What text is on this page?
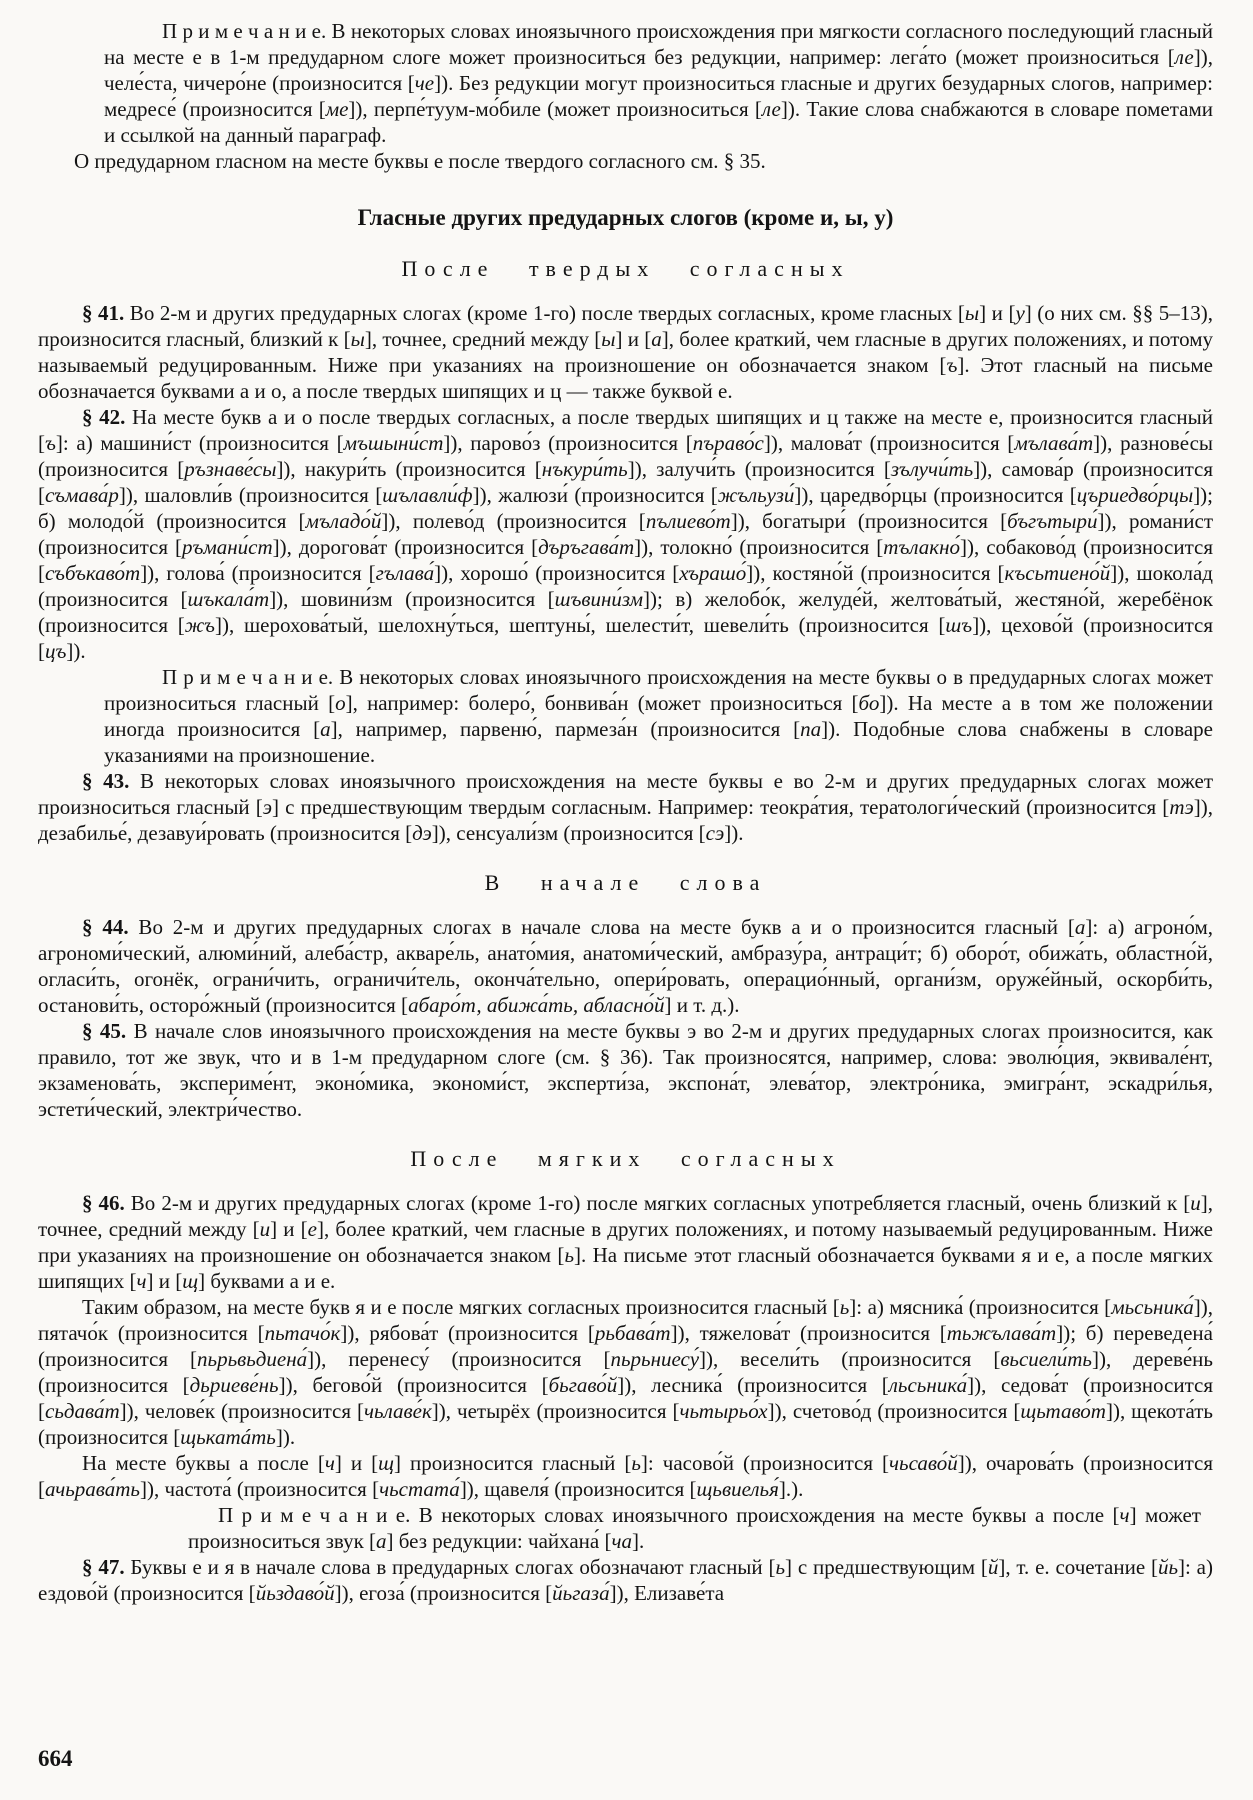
П р и м е ч а н и е. В некоторых словах иноязычного происхождения при мягкости согласного последующий гласный на месте е в 1-м предударном слоге может произноситься без редукции, например: лега́то (может произноситься [ле]), челе́ста, чичеро́не (произносится [че]). Без редукции могут произноситься гласные и других безударных слогов, например: медресе́ (произносится [ме]), перпе́туум-мо́биле (может произноситься [ле]). Такие слова снабжаются в словаре пометами и ссылкой на данный параграф.

О предударном гласном на месте буквы е после твердого согласного см. § 35.

Гласные других предударных слогов (кроме и, ы, у)
После твердых согласных

§ 41. Во 2-м и других предударных слогах (кроме 1-го) после твердых согласных, кроме гласных [ы] и [у] (о них см. §§ 5–13), произносится гласный, близкий к [ы], точнее, средний между [ы] и [а], более краткий, чем гласные в других положениях, и потому называемый редуцированным. Ниже при указаниях на произношение он обозначается знаком [ъ]. Этот гласный на письме обозначается буквами а и о, а после твердых шипящих и ц — также буквой е.

§ 42. На месте букв а и о после твердых согласных, а после твердых шипящих и ц также на месте е, произносится гласный [ъ]: а) машини́ст (произносится [мъшыни́ст]), парово́з (произносится [пъраво́с]), малова́т (произносится [мълава́т]), разнове́сы (произносится [ръзнаве́сы]), накури́ть (произносится [нъкури́ть]), залучи́ть (произносится [зълучи́ть]), самова́р (произносится [съмава́р]), шаловли́в (произносится [шълавли́ф]), жалюзи́ (произносится [жъльузи́]), царедво́рцы (произносится [църиедво́рцы]); б) молодо́й (произносится [мъладо́й]), полево́д (произносится [пълиево́т]), богатыри́ (произносится [бъгътыри́]), романи́ст (произносится [ръмани́ст]), дорогова́т (произносится [дъръгава́т]), толокно́ (произносится [тълакно́]), собаково́д (произносится [събъкаво́т]), голова́ (произносится [гълава́]), хорошо́ (произносится [хърашо́]), костяно́й (произносится [късьтиено́й]), шокола́д (произносится [шъкала́т]), шовини́зм (произносится [шъвини́зм]); в) желобо́к, желуде́й, желтова́тый, жестяно́й, жеребёнок (произносится [жъ]), шерохова́тый, шелохну́ться, шептуны́, шелести́т, шевели́ть (произносится [шъ]), цехово́й (произносится [цъ]).

П р и м е ч а н и е. В некоторых словах иноязычного происхождения на месте буквы о в предударных слогах может произноситься гласный [о], например: болеро́, бонвива́н (может произноситься [бо]). На месте а в том же положении иногда произносится [а], например, парвеню́, пармеза́н (произносится [па]). Подобные слова снабжены в словаре указаниями на произношение.

§ 43. В некоторых словах иноязычного происхождения на месте буквы е во 2-м и других предударных слогах может произноситься гласный [э] с предшествующим твердым согласным. Например: теокра́тия, тератологи́ческий (произносится [тэ]), дезабилье́, дезавуи́ровать (произносится [дэ]), сенсуали́зм (произносится [сэ]).

В начале слова

§ 44. Во 2-м и других предударных слогах в начале слова на месте букв а и о произносится гласный [а]: а) агроно́м, агрономи́ческий, алюми́ний, алеба́стр, акваре́ль, анато́мия, анатоми́ческий, амбразу́ра, антраци́т; б) оборо́т, обижа́ть, областно́й, огласи́ть, огонёк, ограни́чить, ограничи́тель, оконча́тельно, опери́ровать, операцио́нный, органи́зм, оруже́йный, оскорби́ть, останови́ть, осторо́жный (произносится [абаро́т, абижа́ть, абласно́й] и т. д.).

§ 45. В начале слов иноязычного происхождения на месте буквы э во 2-м и других предударных слогах произносится, как правило, тот же звук, что и в 1-м предударном слоге (см. § 36). Так произносятся, например, слова: эволю́ция, эквивале́нт, экзаменова́ть, экспериме́нт, эконо́мика, экономи́ст, эксперти́за, экспона́т, элева́тор, электро́ника, эмигра́нт, эскадри́лья, эстети́ческий, электри́чество.

После мягких согласных

§ 46. Во 2-м и других предударных слогах (кроме 1-го) после мягких согласных употребляется гласный, очень близкий к [и], точнее, средний между [и] и [е], более краткий, чем гласные в других положениях, и потому называемый редуцированным. Ниже при указаниях на произношение он обозначается знаком [ь]. На письме этот гласный обозначается буквами я и е, а после мягких шипящих [ч] и [щ] буквами а и е.

Таким образом, на месте букв я и е после мягких согласных произносится гласный [ь]: а) мясника́ (произносится [мьсьника́]), пятачо́к (произносится [пьтачо́к]), рябова́т (произносится [рьбава́т]), тяжелова́т (произносится [тьжълава́т]); б) переведена́ (произносится [пьрьвьдиена́]), перенесу́ (произносится [пьрьниесу́]), весели́ть (произносится [вьсиели́ть]), дереве́нь (произносится [дьриеве́нь]), бегово́й (произносится [бьгаво́й]), лесника́ (произносится [льсьника́]), седова́т (произносится [сьдава́т]), челове́к (произносится [чьлаве́к]), четырёх (произносится [чьтырьо́х]), счетово́д (произносится [щьтаво́т]), щекота́ть (произносится [щькатáть]).

На месте буквы а после [ч] и [щ] произносится гласный [ь]: часово́й (произносится [чьсаво́й]), очарова́ть (произносится [ачьрава́ть]), частота́ (произносится [чьстата́]), щавеля́ (произносится [щьвиелья́].).

П р и м е ч а н и е. В некоторых словах иноязычного происхождения на месте буквы а после [ч] может произноситься звук [а] без редукции: чайхана́ [ча].

§ 47. Буквы е и я в начале слова в предударных слогах обозначают гласный [ь] с предшествующим [й], т. е. сочетание [йь]: а) ездово́й (произносится [йьздаво́й]), егоза́ (произносится [йьгаза́]), Елизаве́та

664
